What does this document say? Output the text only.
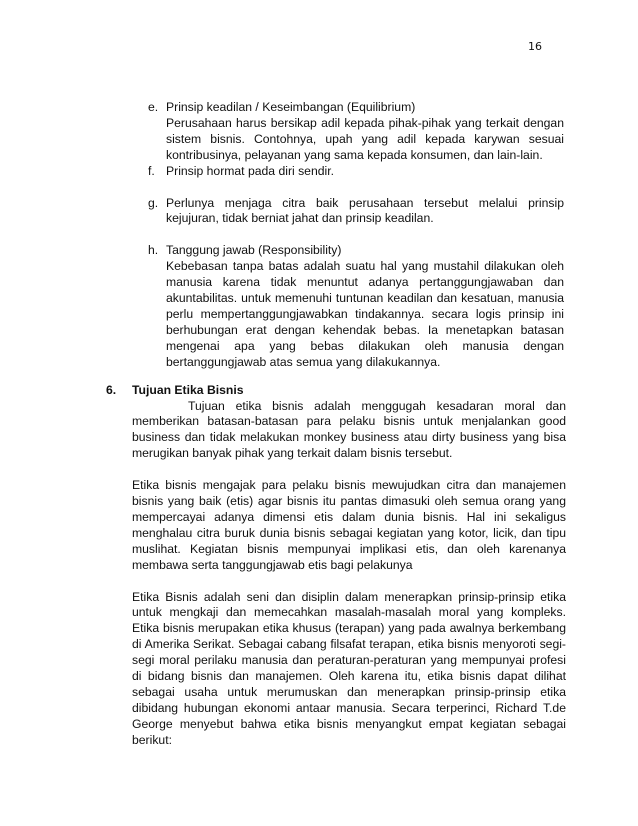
16
e. Prinsip keadilan / Keseimbangan (Equilibrium)
Perusahaan harus bersikap adil kepada pihak-pihak yang terkait dengan sistem bisnis. Contohnya, upah yang adil kepada karywan sesuai kontribusinya, pelayanan yang sama kepada konsumen, dan lain-lain.
f. Prinsip hormat pada diri sendir.
g. Perlunya menjaga citra baik perusahaan tersebut melalui prinsip kejujuran, tidak berniat jahat dan prinsip keadilan.
h. Tanggung jawab (Responsibility)
Kebebasan tanpa batas adalah suatu hal yang mustahil dilakukan oleh manusia karena tidak menuntut adanya pertanggungjawaban dan akuntabilitas. untuk memenuhi tuntunan keadilan dan kesatuan, manusia perlu mempertanggungjawabkan tindakannya. secara logis prinsip ini berhubungan erat dengan kehendak bebas. Ia menetapkan batasan mengenai apa yang bebas dilakukan oleh manusia dengan bertanggungjawab atas semua yang dilakukannya.
6.	Tujuan Etika Bisnis
Tujuan etika bisnis adalah menggugah kesadaran moral dan memberikan batasan-batasan para pelaku bisnis untuk menjalankan good business dan tidak melakukan monkey business atau dirty business yang bisa merugikan banyak pihak yang terkait dalam bisnis tersebut.
Etika bisnis mengajak para pelaku bisnis mewujudkan citra dan manajemen bisnis yang baik (etis) agar bisnis itu pantas dimasuki oleh semua orang yang mempercayai adanya dimensi etis dalam dunia bisnis. Hal ini sekaligus menghalau citra buruk dunia bisnis sebagai kegiatan yang kotor, licik, dan tipu muslihat. Kegiatan bisnis mempunyai implikasi etis, dan oleh karenanya membawa serta tanggungjawab etis bagi pelakunya
Etika Bisnis adalah seni dan disiplin dalam menerapkan prinsip-prinsip etika untuk mengkaji dan memecahkan masalah-masalah moral yang kompleks. Etika bisnis merupakan etika khusus (terapan) yang pada awalnya berkembang di Amerika Serikat. Sebagai cabang filsafat terapan, etika bisnis menyoroti segi-segi moral perilaku manusia dan peraturan-peraturan yang mempunyai profesi di bidang bisnis dan manajemen. Oleh karena itu, etika bisnis dapat dilihat sebagai usaha untuk merumuskan dan menerapkan prinsip-prinsip etika dibidang hubungan ekonomi antaar manusia. Secara terperinci, Richard T.de George menyebut bahwa etika bisnis menyangkut empat kegiatan sebagai berikut:
